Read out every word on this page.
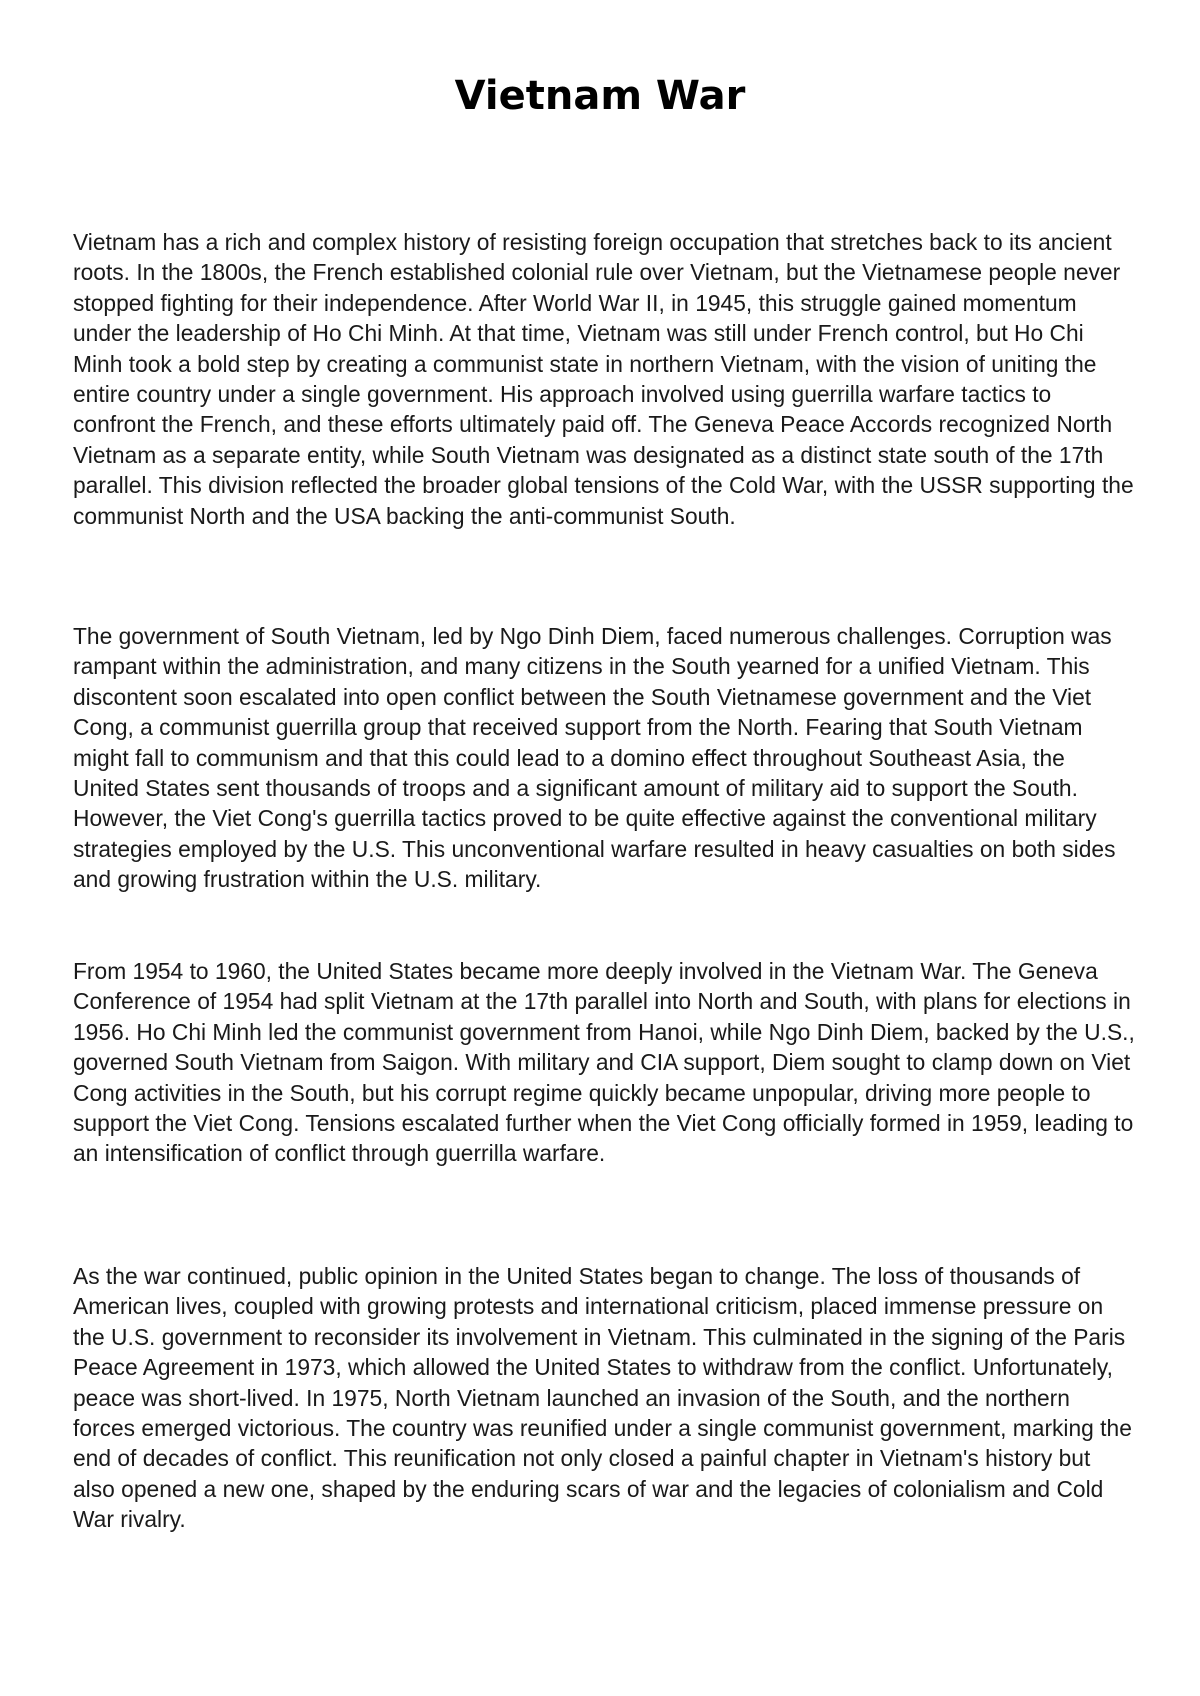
Vietnam War

Vietnam has a rich and complex history of resisting foreign occupation that stretches back to its ancient roots. In the 1800s, the French established colonial rule over Vietnam, but the Vietnamese people never stopped fighting for their independence. After World War II, in 1945, this struggle gained momentum under the leadership of Ho Chi Minh. At that time, Vietnam was still under French control, but Ho Chi Minh took a bold step by creating a communist state in northern Vietnam, with the vision of uniting the entire country under a single government. His approach involved using guerrilla warfare tactics to confront the French, and these efforts ultimately paid off. The Geneva Peace Accords recognized North Vietnam as a separate entity, while South Vietnam was designated as a distinct state south of the 17th parallel. This division reflected the broader global tensions of the Cold War, with the USSR supporting the communist North and the USA backing the anti-communist South.

The government of South Vietnam, led by Ngo Dinh Diem, faced numerous challenges. Corruption was rampant within the administration, and many citizens in the South yearned for a unified Vietnam. This discontent soon escalated into open conflict between the South Vietnamese government and the Viet Cong, a communist guerrilla group that received support from the North. Fearing that South Vietnam might fall to communism and that this could lead to a domino effect throughout Southeast Asia, the United States sent thousands of troops and a significant amount of military aid to support the South. However, the Viet Cong's guerrilla tactics proved to be quite effective against the conventional military strategies employed by the U.S. This unconventional warfare resulted in heavy casualties on both sides and growing frustration within the U.S. military.

From 1954 to 1960, the United States became more deeply involved in the Vietnam War. The Geneva Conference of 1954 had split Vietnam at the 17th parallel into North and South, with plans for elections in 1956. Ho Chi Minh led the communist government from Hanoi, while Ngo Dinh Diem, backed by the U.S., governed South Vietnam from Saigon. With military and CIA support, Diem sought to clamp down on Viet Cong activities in the South, but his corrupt regime quickly became unpopular, driving more people to support the Viet Cong. Tensions escalated further when the Viet Cong officially formed in 1959, leading to an intensification of conflict through guerrilla warfare.

As the war continued, public opinion in the United States began to change. The loss of thousands of American lives, coupled with growing protests and international criticism, placed immense pressure on the U.S. government to reconsider its involvement in Vietnam. This culminated in the signing of the Paris Peace Agreement in 1973, which allowed the United States to withdraw from the conflict. Unfortunately, peace was short-lived. In 1975, North Vietnam launched an invasion of the South, and the northern forces emerged victorious. The country was reunified under a single communist government, marking the end of decades of conflict. This reunification not only closed a painful chapter in Vietnam's history but also opened a new one, shaped by the enduring scars of war and the legacies of colonialism and Cold War rivalry.
